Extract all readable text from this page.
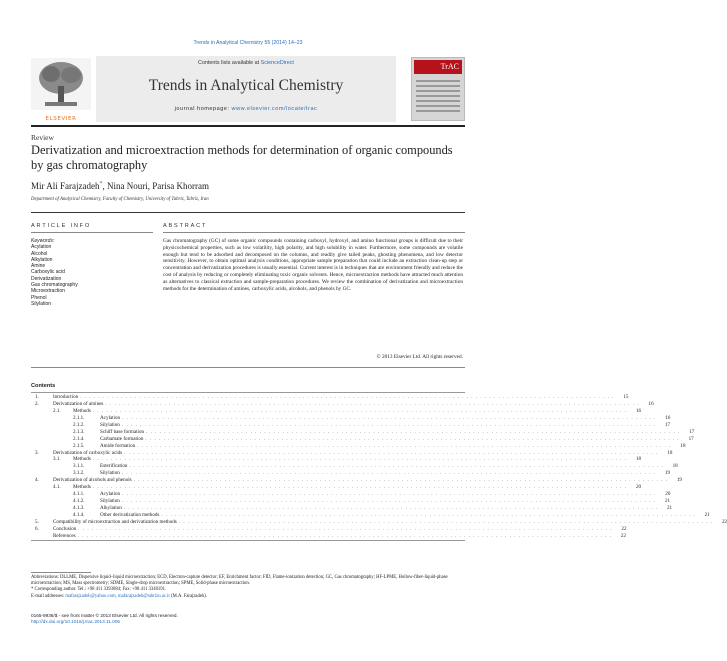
Trends in Analytical Chemistry 55 (2014) 14–23
ELSEVIER
Contents lists available at ScienceDirect
Trends in Analytical Chemistry
journal homepage: www.elsevier.com/locate/trac
TrAC
Review
Derivatization and microextraction methods for determination of organic compounds by gas chromatography
Mir Ali Farajzadeh*, Nina Nouri, Parisa Khorram
Department of Analytical Chemistry, Faculty of Chemistry, University of Tabriz, Tabriz, Iran
ARTICLE INFO	ABSTRACT
Keywords:
Acylation
Alcohol
Alkylation
Amine
Carboxylic acid
Derivatization
Gas chromatography
Microextraction
Phenol
Silylation
Gas chromatography (GC) of some organic compounds containing carboxyl, hydroxyl, and amino functional groups is difficult due to their physicochemical properties, such as low volatility, high polarity, and high solubility in water. Furthermore, some compounds are volatile enough but tend to be adsorbed and decomposed on the columns, and readily give tailed peaks, ghosting phenomena, and low detector sensitivity. However, to obtain optimal analysis conditions, appropriate sample preparation that could include an extraction clean-up step or concentration and derivatization procedures is usually essential. Current interest is in techniques that are environment friendly and reduce the cost of analysis by reducing or completely eliminating toxic organic solvents. Hence, microextraction methods have attracted much attention as alternatives to classical extraction and sample-preparation procedures. We review the combination of derivatization and microextraction methods for the determination of amines, carboxylic acids, alcohols, and phenols by GC.
© 2013 Elsevier Ltd. All rights reserved.
Contents
1.	Introduction . . . . . . . . . . . . . . . . . . . . . . . . . . . . . . . . . . . . . . . . . . . . . . . . . . . . . . . . . . . . . . . . . . . . . . . . . . . . . . . . . . . . . . . . . . . . . . . . . . . . . . . . . . . . . . . . . . . . . .	15
2.	Derivatization of amines . . . . . . . . . . . . . . . . . . . . . . . . . . . . . . . . . . . . . . . . . . . . . . . . . . . . . . . . . . . . . . . . . . . . . . . . . . . . . . . . . . . . . . . . . . . . . . . . . . . . . . . . . . . . . . . . . . . . . .	16
2.1.	Methods . . . . . . . . . . . . . . . . . . . . . . . . . . . . . . . . . . . . . . . . . . . . . . . . . . . . . . . . . . . . . . . . . . . . . . . . . . . . . . . . . . . . . . . . . . . . . . . . . . . . . . . . . . . . . . . . . . . . . .	16
2.1.1.	Acylation . . . . . . . . . . . . . . . . . . . . . . . . . . . . . . . . . . . . . . . . . . . . . . . . . . . . . . . . . . . . . . . . . . . . . . . . . . . . . . . . . . . . . . . . . . . . . . . . . . . . . . . . . . . . . . . . . . . . . .	16
2.1.2.	Silylation . . . . . . . . . . . . . . . . . . . . . . . . . . . . . . . . . . . . . . . . . . . . . . . . . . . . . . . . . . . . . . . . . . . . . . . . . . . . . . . . . . . . . . . . . . . . . . . . . . . . . . . . . . . . . . . . . . . . . .	17
2.1.3.	Schiff base formation . . . . . . . . . . . . . . . . . . . . . . . . . . . . . . . . . . . . . . . . . . . . . . . . . . . . . . . . . . . . . . . . . . . . . . . . . . . . . . . . . . . . . . . . . . . . . . . . . . . . . . . . . . . . . . . . . . . . . .	17
2.1.4.	Carbamate formation . . . . . . . . . . . . . . . . . . . . . . . . . . . . . . . . . . . . . . . . . . . . . . . . . . . . . . . . . . . . . . . . . . . . . . . . . . . . . . . . . . . . . . . . . . . . . . . . . . . . . . . . . . . . . . . . . . . . . .	17
2.1.5.	Amide formation . . . . . . . . . . . . . . . . . . . . . . . . . . . . . . . . . . . . . . . . . . . . . . . . . . . . . . . . . . . . . . . . . . . . . . . . . . . . . . . . . . . . . . . . . . . . . . . . . . . . . . . . . . . . . . . . . . . . . .	18
3.	Derivatization of carboxylic acids . . . . . . . . . . . . . . . . . . . . . . . . . . . . . . . . . . . . . . . . . . . . . . . . . . . . . . . . . . . . . . . . . . . . . . . . . . . . . . . . . . . . . . . . . . . . . . . . . . . . . . . . . . . . . . . . . . . . . .	18
3.1.	Methods . . . . . . . . . . . . . . . . . . . . . . . . . . . . . . . . . . . . . . . . . . . . . . . . . . . . . . . . . . . . . . . . . . . . . . . . . . . . . . . . . . . . . . . . . . . . . . . . . . . . . . . . . . . . . . . . . . . . . .	18
3.1.1.	Esterification . . . . . . . . . . . . . . . . . . . . . . . . . . . . . . . . . . . . . . . . . . . . . . . . . . . . . . . . . . . . . . . . . . . . . . . . . . . . . . . . . . . . . . . . . . . . . . . . . . . . . . . . . . . . . . . . . . . . . .	18
3.1.2.	Silylation . . . . . . . . . . . . . . . . . . . . . . . . . . . . . . . . . . . . . . . . . . . . . . . . . . . . . . . . . . . . . . . . . . . . . . . . . . . . . . . . . . . . . . . . . . . . . . . . . . . . . . . . . . . . . . . . . . . . . .	19
4.	Derivatization of alcohols and phenols . . . . . . . . . . . . . . . . . . . . . . . . . . . . . . . . . . . . . . . . . . . . . . . . . . . . . . . . . . . . . . . . . . . . . . . . . . . . . . . . . . . . . . . . . . . . . . . . . . . . . . . . . . . . . . . . . . . . . .	19
4.1.	Methods . . . . . . . . . . . . . . . . . . . . . . . . . . . . . . . . . . . . . . . . . . . . . . . . . . . . . . . . . . . . . . . . . . . . . . . . . . . . . . . . . . . . . . . . . . . . . . . . . . . . . . . . . . . . . . . . . . . . . .	20
4.1.1.	Acylation . . . . . . . . . . . . . . . . . . . . . . . . . . . . . . . . . . . . . . . . . . . . . . . . . . . . . . . . . . . . . . . . . . . . . . . . . . . . . . . . . . . . . . . . . . . . . . . . . . . . . . . . . . . . . . . . . . . . . .	20
4.1.2.	Silylation . . . . . . . . . . . . . . . . . . . . . . . . . . . . . . . . . . . . . . . . . . . . . . . . . . . . . . . . . . . . . . . . . . . . . . . . . . . . . . . . . . . . . . . . . . . . . . . . . . . . . . . . . . . . . . . . . . . . . .	21
4.1.3.	Alkylation . . . . . . . . . . . . . . . . . . . . . . . . . . . . . . . . . . . . . . . . . . . . . . . . . . . . . . . . . . . . . . . . . . . . . . . . . . . . . . . . . . . . . . . . . . . . . . . . . . . . . . . . . . . . . . . . . . . . . .	21
4.1.4.	Other derivatization methods . . . . . . . . . . . . . . . . . . . . . . . . . . . . . . . . . . . . . . . . . . . . . . . . . . . . . . . . . . . . . . . . . . . . . . . . . . . . . . . . . . . . . . . . . . . . . . . . . . . . . . . . . . . . . . . . . . . . . .	21
5.	Compatibility of microextraction and derivatization methods . . . . . . . . . . . . . . . . . . . . . . . . . . . . . . . . . . . . . . . . . . . . . . . . . . . . . . . . . . . . . . . . . . . . . . . . . . . . . . . . . . . . . . . . . . . . . . . . . . . . . . . . . . . . . . . . . . . . . .	22
6.	Conclusion . . . . . . . . . . . . . . . . . . . . . . . . . . . . . . . . . . . . . . . . . . . . . . . . . . . . . . . . . . . . . . . . . . . . . . . . . . . . . . . . . . . . . . . . . . . . . . . . . . . . . . . . . . . . . . . . . . . . . .	22
References . . . . . . . . . . . . . . . . . . . . . . . . . . . . . . . . . . . . . . . . . . . . . . . . . . . . . . . . . . . . . . . . . . . . . . . . . . . . . . . . . . . . . . . . . . . . . . . . . . . . . . . . . . . . . . . . . . . . . .	22
Abbreviations: DLLME, Dispersive liquid–liquid microextraction; ECD, Electron-capture detector; EF, Enrichment factor; FID, Flame-ionization detection; GC, Gas chromatography; HF-LPME, Hollow-fiber-liquid-phase microextraction; MS, Mass spectrometry; SDME, Single-drop microextraction; SPME, Solid-phase microextraction.
* Corresponding author. Tel.: +98 411 3393084; Fax: +98 411 3340191.
E-mail addresses: mafarajzadeh@yahoo.com, mafarajzadeh@tabrizu.ac.ir (M.A. Farajzadeh).
0165-9936/$ - see front matter © 2013 Elsevier Ltd. All rights reserved.
http://dx.doi.org/10.1016/j.trac.2013.11.006
